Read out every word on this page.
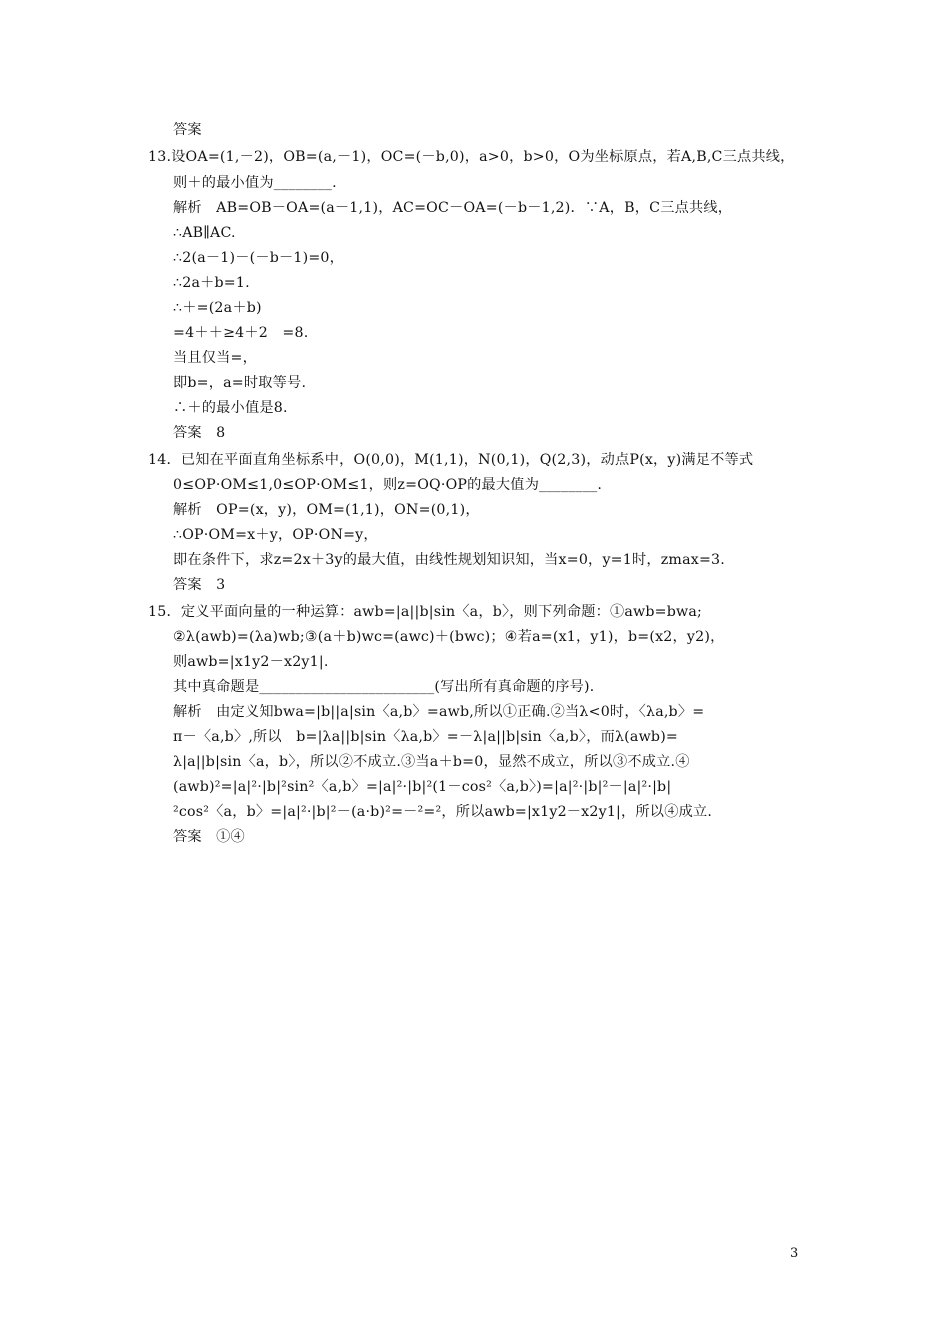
答案
13.设OA=(1,－2)，OB=(a,－1)，OC=(－b,0)，a>0，b>0，O为坐标原点，若A,B,C三点共线，
则＋的最小值为________.
解析　AB=OB－OA=(a－1,1)，AC=OC－OA=(－b－1,2)．∵A，B，C三点共线，
∴AB∥AC.
∴2(a－1)－(－b－1)=0，
∴2a＋b=1.
∴＋=(2a＋b)
=4＋＋≥4＋2　=8.
当且仅当=，
即b=，a=时取等号.
∴＋的最小值是8.
答案　8
14．已知在平面直角坐标系中，O(0,0)，M(1,1)，N(0,1)，Q(2,3)，动点P(x，y)满足不等式
0≤OP·OM≤1,0≤OP·OM≤1，则z=OQ·OP的最大值为________.
解析　OP=(x，y)，OM=(1,1)，ON=(0,1)，
∴OP·OM=x＋y，OP·ON=y，
即在条件下，求z=2x＋3y的最大值，由线性规划知识知，当x=0，y=1时，zmax=3.
答案　3
15．定义平面向量的一种运算：awb=|a||b|sin〈a，b〉，则下列命题：①awb=bwa;
②λ(awb)=(λa)wb;③(a＋b)wc=(awc)＋(bwc)；④若a=(x1，y1)，b=(x2，y2)，
则awb=|x1y2－x2y1|.
其中真命题是________________________(写出所有真命题的序号)．
解析　由定义知bwa=|b||a|sin〈a,b〉=awb,所以①正确.②当λ<0时，〈λa,b〉=
π－〈a,b〉,所以　b=|λa||b|sin〈λa,b〉=－λ|a||b|sin〈a,b〉，而λ(awb)=
λ|a||b|sin〈a，b〉，所以②不成立.③当a＋b=0，显然不成立，所以③不成立.④
(awb)²=|a|²·|b|²sin²〈a,b〉=|a|²·|b|²(1－cos²〈a,b〉)=|a|²·|b|²－|a|²·|b|
²cos²〈a，b〉=|a|²·|b|²－(a·b)²=－²=²，所以awb=|x1y2－x2y1|，所以④成立.
答案　①④
3
